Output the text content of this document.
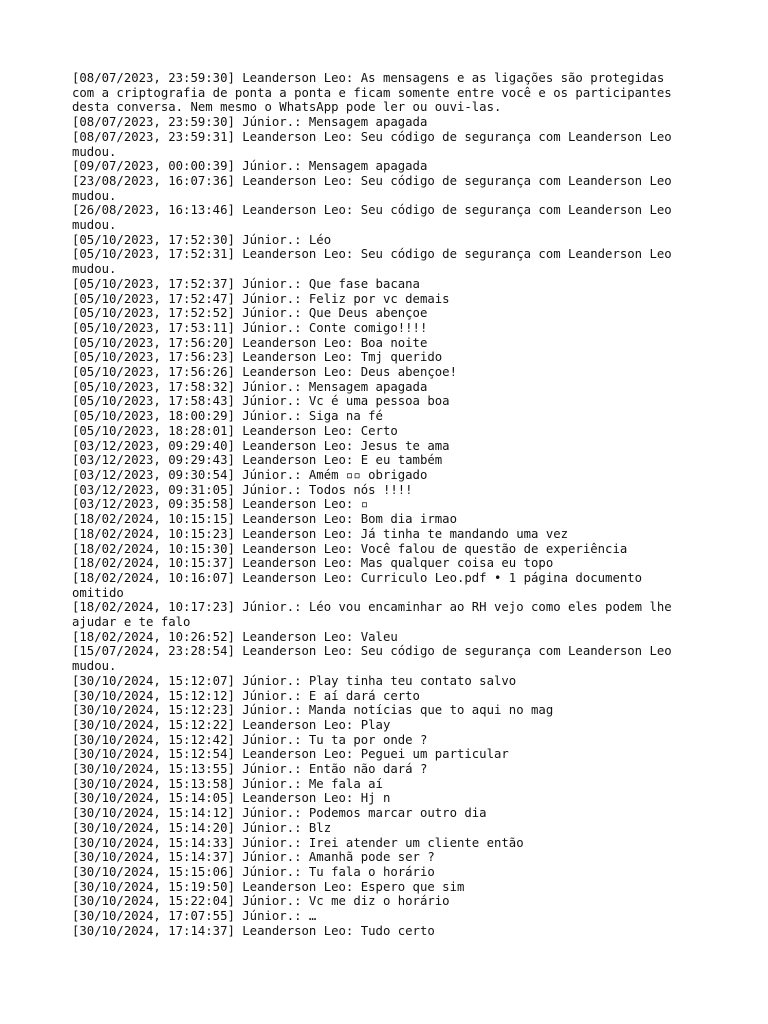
[08/07/2023, 23:59:30] Leanderson Leo: As mensagens e as ligações são protegidas com a criptografia de ponta a ponta e ficam somente entre você e os participantes desta conversa. Nem mesmo o WhatsApp pode ler ou ouvi-las.

[08/07/2023, 23:59:30] Júnior.: Mensagem apagada

[08/07/2023, 23:59:31] Leanderson Leo: Seu código de segurança com Leanderson Leo mudou.

[09/07/2023, 00:00:39] Júnior.: Mensagem apagada

[23/08/2023, 16:07:36] Leanderson Leo: Seu código de segurança com Leanderson Leo mudou.

[26/08/2023, 16:13:46] Leanderson Leo: Seu código de segurança com Leanderson Leo mudou.

[05/10/2023, 17:52:30] Júnior.: Léo

[05/10/2023, 17:52:31] Leanderson Leo: Seu código de segurança com Leanderson Leo mudou.

[05/10/2023, 17:52:37] Júnior.: Que fase bacana

[05/10/2023, 17:52:47] Júnior.: Feliz por vc demais

[05/10/2023, 17:52:52] Júnior.: Que Deus abençoe

[05/10/2023, 17:53:11] Júnior.: Conte comigo!!!!

[05/10/2023, 17:56:20] Leanderson Leo: Boa noite

[05/10/2023, 17:56:23] Leanderson Leo: Tmj querido

[05/10/2023, 17:56:26] Leanderson Leo: Deus abençoe!

[05/10/2023, 17:58:32] Júnior.: Mensagem apagada

[05/10/2023, 17:58:43] Júnior.: Vc é uma pessoa boa

[05/10/2023, 18:00:29] Júnior.: Siga na fé

[05/10/2023, 18:28:01] Leanderson Leo: Certo

[03/12/2023, 09:29:40] Leanderson Leo: Jesus te ama

[03/12/2023, 09:29:43] Leanderson Leo: E eu também

[03/12/2023, 09:30:54] Júnior.: Amém ▫▫ obrigado

[03/12/2023, 09:31:05] Júnior.: Todos nós !!!!

[03/12/2023, 09:35:58] Leanderson Leo: ▫

[18/02/2024, 10:15:15] Leanderson Leo: Bom dia irmao

[18/02/2024, 10:15:23] Leanderson Leo: Já tinha te mandando uma vez

[18/02/2024, 10:15:30] Leanderson Leo: Você falou de questão de experiência

[18/02/2024, 10:15:37] Leanderson Leo: Mas qualquer coisa eu topo

[18/02/2024, 10:16:07] Leanderson Leo: Curriculo Leo.pdf • 1 página documento omitido

[18/02/2024, 10:17:23] Júnior.: Léo vou encaminhar ao RH vejo como eles podem lhe ajudar e te falo

[18/02/2024, 10:26:52] Leanderson Leo: Valeu

[15/07/2024, 23:28:54] Leanderson Leo: Seu código de segurança com Leanderson Leo mudou.

[30/10/2024, 15:12:07] Júnior.: Play tinha teu contato salvo

[30/10/2024, 15:12:12] Júnior.: E aí dará certo

[30/10/2024, 15:12:23] Júnior.: Manda notícias que to aqui no mag

[30/10/2024, 15:12:22] Leanderson Leo: Play

[30/10/2024, 15:12:42] Júnior.: Tu ta por onde ?

[30/10/2024, 15:12:54] Leanderson Leo: Peguei um particular

[30/10/2024, 15:13:55] Júnior.: Então não dará ?

[30/10/2024, 15:13:58] Júnior.: Me fala aí

[30/10/2024, 15:14:05] Leanderson Leo: Hj n

[30/10/2024, 15:14:12] Júnior.: Podemos marcar outro dia

[30/10/2024, 15:14:20] Júnior.: Blz

[30/10/2024, 15:14:33] Júnior.: Irei atender um cliente então

[30/10/2024, 15:14:37] Júnior.: Amanhã pode ser ?

[30/10/2024, 15:15:06] Júnior.: Tu fala o horário

[30/10/2024, 15:19:50] Leanderson Leo: Espero que sim

[30/10/2024, 15:22:04] Júnior.: Vc me diz o horário

[30/10/2024, 17:07:55] Júnior.: …

[30/10/2024, 17:14:37] Leanderson Leo: Tudo certo
